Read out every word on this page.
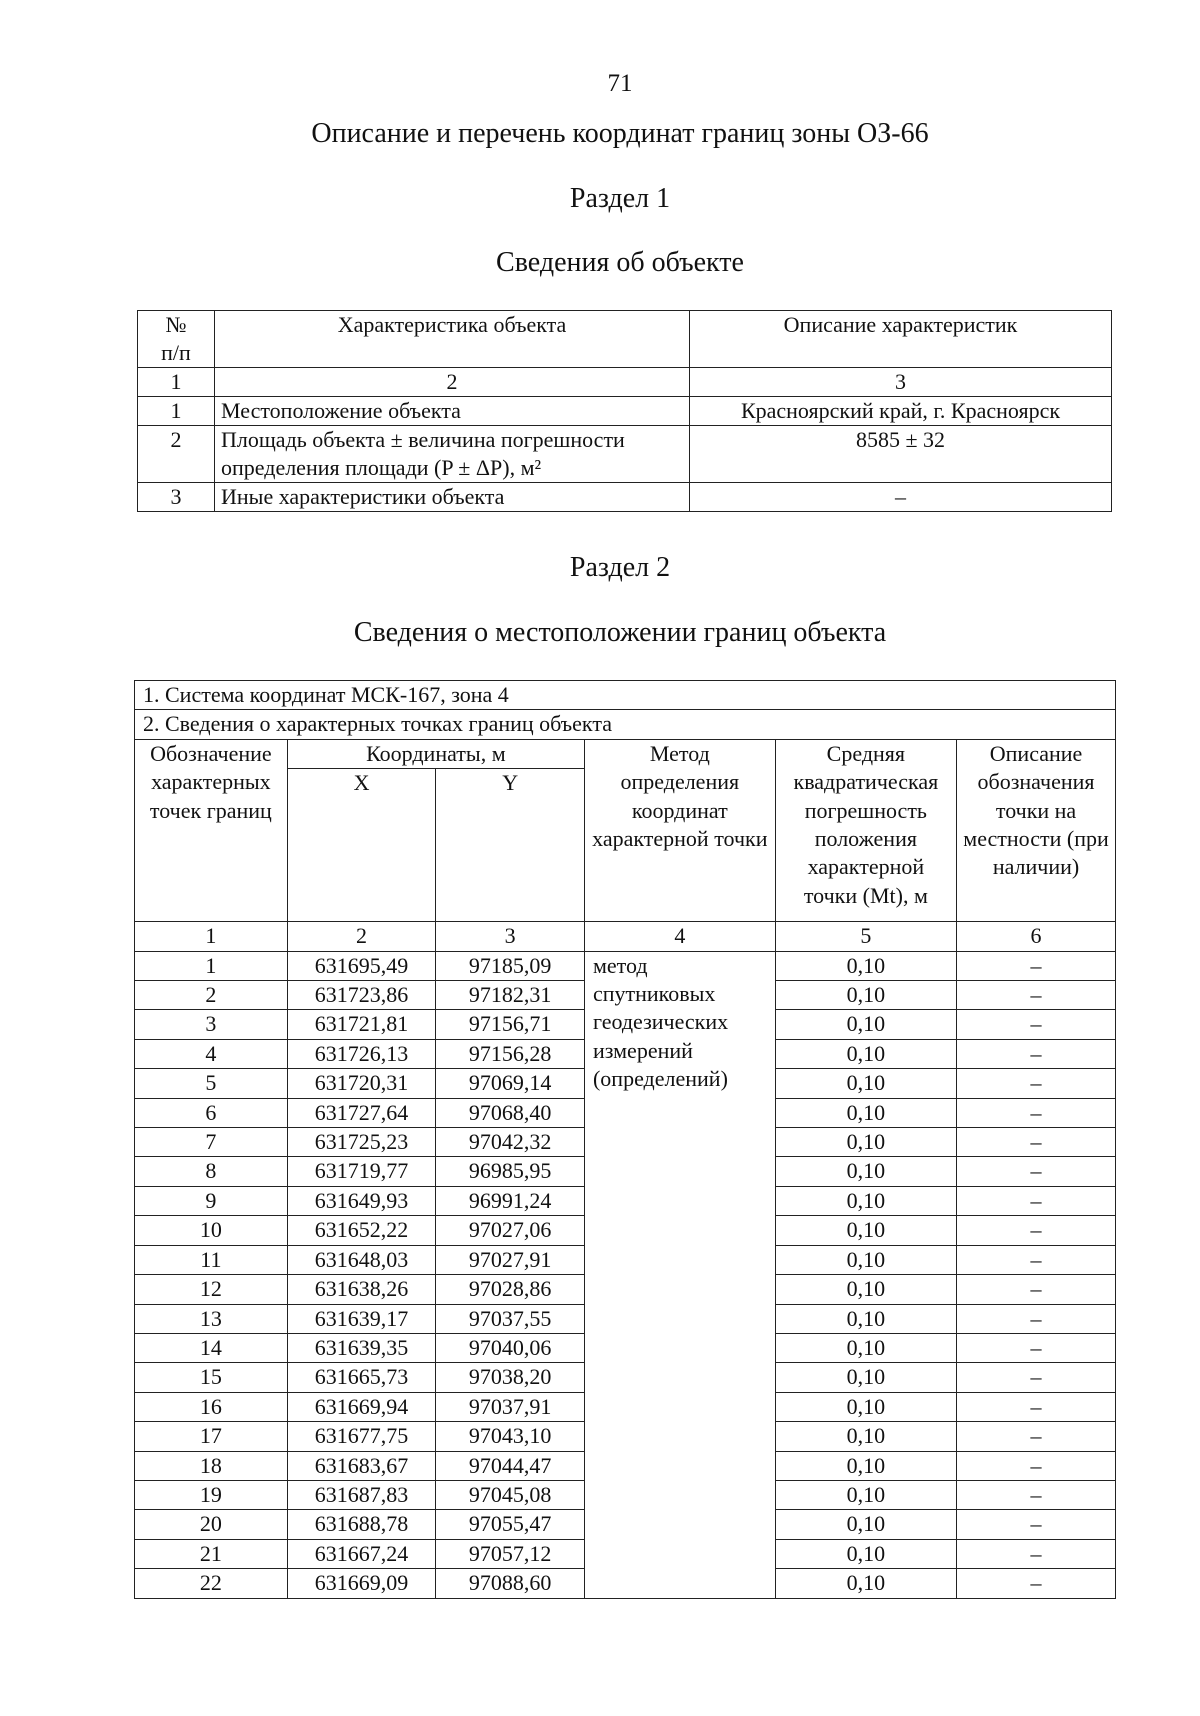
71
Описание и перечень координат границ зоны ОЗ-66
Раздел 1
Сведения об объекте
№
п/п	Характеристика объекта	Описание характеристик
1	2	3
1	Местоположение объекта	Красноярский край, г. Красноярск
2	Площадь объекта ± величина погрешности определения площади (P ± ΔP), м²	8585 ± 32
3	Иные характеристики объекта	–
Раздел 2
Сведения о местоположении границ объекта
1. Система координат МСК-167, зона 4					
2. Сведения о характерных точках границ объекта					
Обозначение характерных точек границ	Координаты, м		Метод определения координат характерной точки	Средняя квадратическая погрешность положения характерной точки (Mt), м	Описание обозначения точки на местности (при наличии)
	X	Y			
1	2	3	4	5	6
1	631695,49	97185,09	метод спутниковых геодезических измерений (определений)	0,10	–
2	631723,86	97182,31		0,10	–
3	631721,81	97156,71		0,10	–
4	631726,13	97156,28		0,10	–
5	631720,31	97069,14		0,10	–
6	631727,64	97068,40		0,10	–
7	631725,23	97042,32		0,10	–
8	631719,77	96985,95		0,10	–
9	631649,93	96991,24		0,10	–
10	631652,22	97027,06		0,10	–
11	631648,03	97027,91		0,10	–
12	631638,26	97028,86		0,10	–
13	631639,17	97037,55		0,10	–
14	631639,35	97040,06		0,10	–
15	631665,73	97038,20		0,10	–
16	631669,94	97037,91		0,10	–
17	631677,75	97043,10		0,10	–
18	631683,67	97044,47		0,10	–
19	631687,83	97045,08		0,10	–
20	631688,78	97055,47		0,10	–
21	631667,24	97057,12		0,10	–
22	631669,09	97088,60		0,10	–
